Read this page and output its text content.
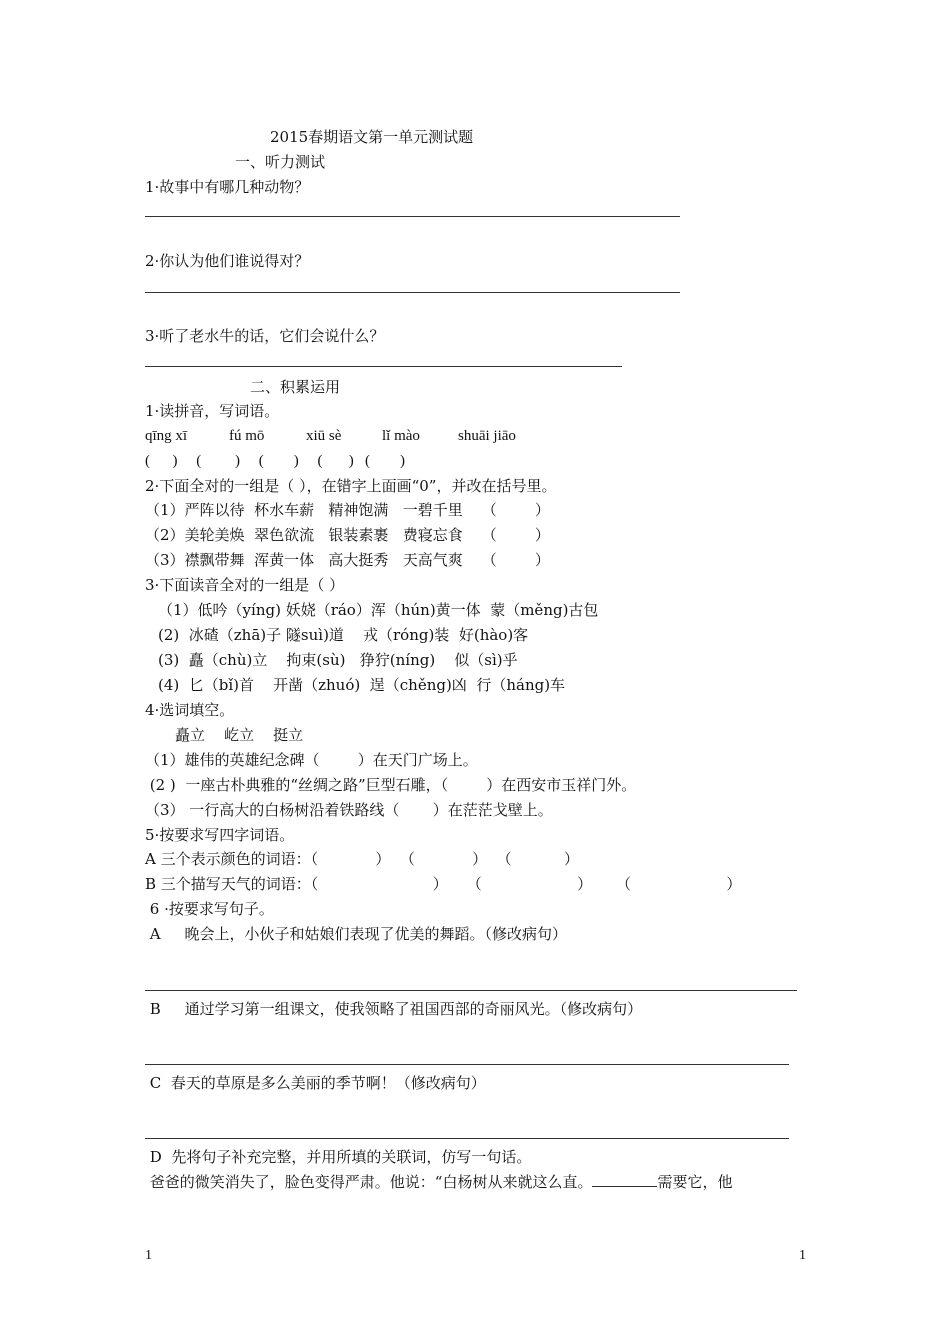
2015春期语文第一单元测试题
一、听力测试
1·故事中有哪几种动物？
2·你认为他们谁说得对？
3·听了老水牛的话，它们会说什么？
二、积累运用
1·读拼音，写词语。
qīng xī	fú mō	xiū sè	lǐ mào	shuāi jiāo
(      )     (         )     (        )     (       )   (        )
2·下面全对的一组是（ ），在错字上面画“0”，并改在括号里。
（1）严阵以待  杯水车薪   精神饱满   一碧千里    （        ）
（2）美轮美焕  翠色欲流   银装素裹   费寝忘食    （        ）
（3）襟飘带舞  浑黄一体   高大挺秀   天高气爽    （        ）
3·下面读音全对的一组是（ ）
（1）低吟（yíng) 妖娆（ráo）浑（hún)黄一体  蒙（měng)古包
(2)  冰碴（zhā)子 隧suì)道    戎（róng)装  好(hào)客
(3)  矗（chù)立    拘束(sù)   狰狞(níng)    似（sì)乎
(4)  匕（bǐ)首    开凿（zhuó)  逞（chěng)凶  行（háng)车
4·选词填空。
矗立    屹立    挺立
（1）雄伟的英雄纪念碑（        ）在天门广场上。
(2 )  一座古朴典雅的“丝绸之路”巨型石雕，（        ）在西安市玉祥门外。
（3） 一行高大的白杨树沿着铁路线（       ）在茫茫戈壁上。
5·按要求写四字词语。
A 三个表示颜色的词语：（            ）  （            ）  （           ）
B 三个描写天气的词语：（                        ）    （                    ）     （                    ）
6 ·按要求写句子。
A     晚会上，小伙子和姑娘们表现了优美的舞蹈。（修改病句）
B     通过学习第一组课文，使我领略了祖国西部的奇丽风光。（修改病句）
C  春天的草原是多么美丽的季节啊！（修改病句）
D  先将句子补充完整，并用所填的关联词，仿写一句话。
爸爸的微笑消失了，脸色变得严肃。他说：“白杨树从来就这么直。	需要它，他
1	1
